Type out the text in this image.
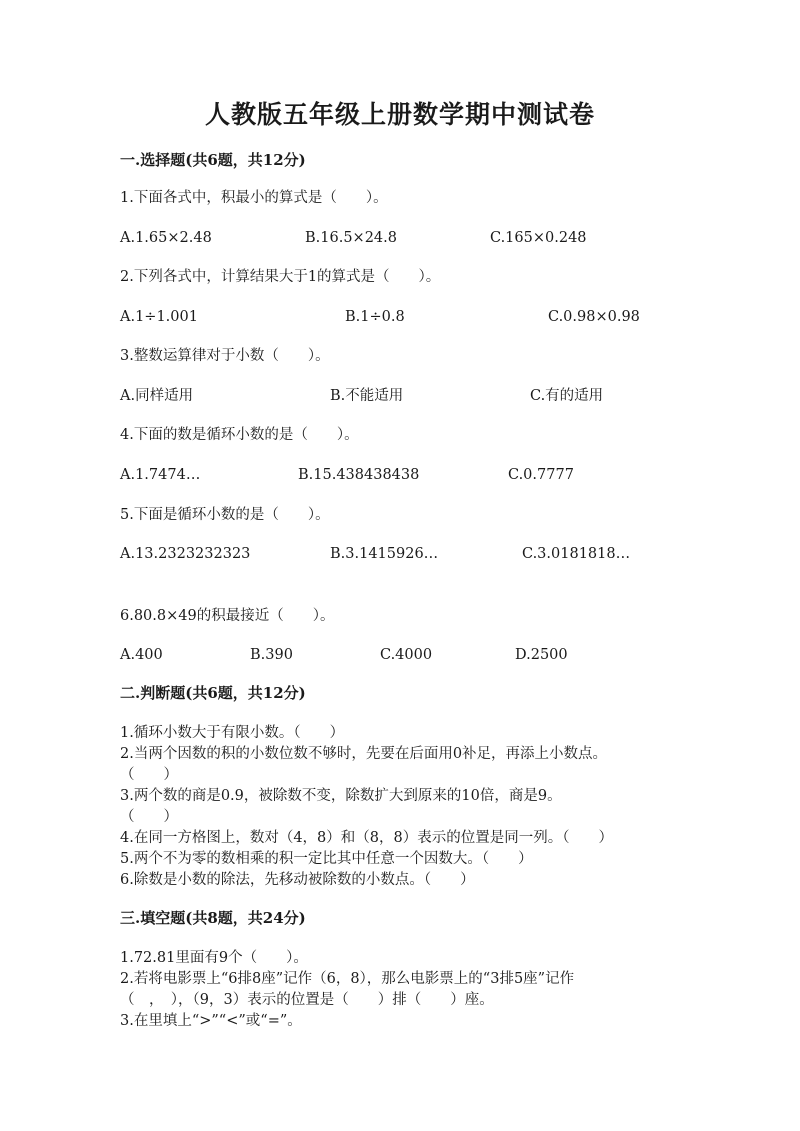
人教版五年级上册数学期中测试卷
一.选择题(共6题，共12分)
1.下面各式中，积最小的算式是（　　）。
A.1.65×2.48	B.16.5×24.8	C.165×0.248
2.下列各式中，计算结果大于1的算式是（　　）。
A.1÷1.001	B.1÷0.8	C.0.98×0.98
3.整数运算律对于小数（　　）。
A.同样适用	B.不能适用	C.有的适用
4.下面的数是循环小数的是（　　）。
A.1.7474…	B.15.438438438	C.0.7777
5.下面是循环小数的是（　　）。
A.13.2323232323	B.3.1415926…	C.3.0181818…
6.80.8×49的积最接近（　　）。
A.400	B.390	C.4000	D.2500
二.判断题(共6题，共12分)
1.循环小数大于有限小数。（　　）
2.当两个因数的积的小数位数不够时，先要在后面用0补足，再添上小数点。
（　　）
3.两个数的商是0.9，被除数不变，除数扩大到原来的10倍，商是9。
（　　）
4.在同一方格图上，数对（4，8）和（8，8）表示的位置是同一列。（　　）
5.两个不为零的数相乘的积一定比其中任意一个因数大。（　　）
6.除数是小数的除法，先移动被除数的小数点。（　　）
三.填空题(共8题，共24分)
1.72.81里面有9个（　　）。
2.若将电影票上“6排8座”记作（6，8），那么电影票上的“3排5座”记作
（　，　），（9，3）表示的位置是（　　）排（　　）座。
3.在里填上“>”“<”或“=”。
